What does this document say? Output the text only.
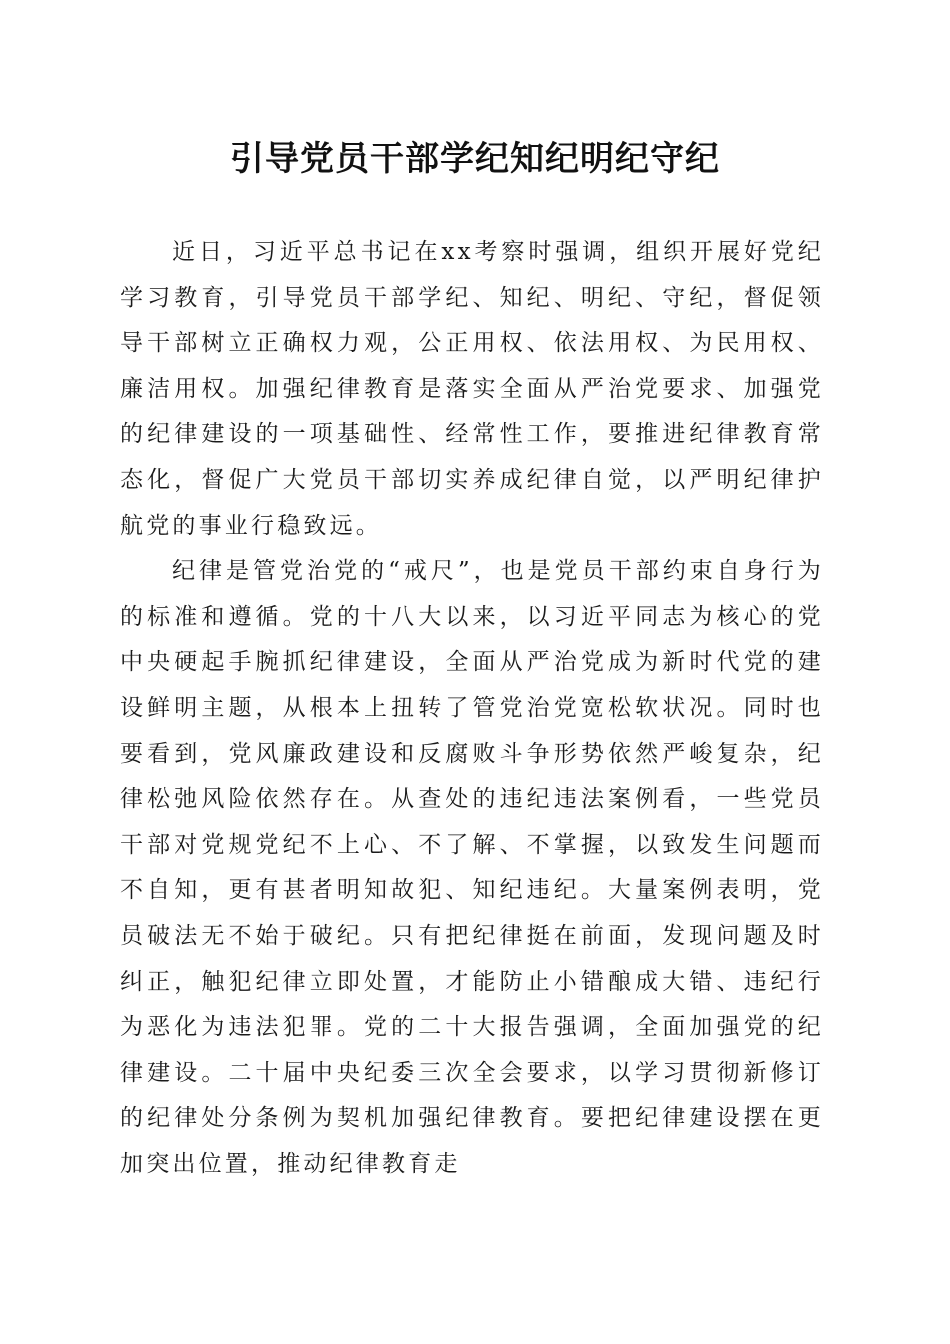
引导党员干部学纪知纪明纪守纪

近日，习近平总书记在xx考察时强调，组织开展好党纪学习教育，引导党员干部学纪、知纪、明纪、守纪，督促领导干部树立正确权力观，公正用权、依法用权、为民用权、廉洁用权。加强纪律教育是落实全面从严治党要求、加强党的纪律建设的一项基础性、经常性工作，要推进纪律教育常态化，督促广大党员干部切实养成纪律自觉，以严明纪律护航党的事业行稳致远。

纪律是管党治党的“戒尺”，也是党员干部约束自身行为的标准和遵循。党的十八大以来，以习近平同志为核心的党中央硬起手腕抓纪律建设，全面从严治党成为新时代党的建设鲜明主题，从根本上扭转了管党治党宽松软状况。同时也要看到，党风廉政建设和反腐败斗争形势依然严峻复杂，纪律松弛风险依然存在。从查处的违纪违法案例看，一些党员干部对党规党纪不上心、不了解、不掌握，以致发生问题而不自知，更有甚者明知故犯、知纪违纪。大量案例表明，党员破法无不始于破纪。只有把纪律挺在前面，发现问题及时纠正，触犯纪律立即处置，才能防止小错酿成大错、违纪行为恶化为违法犯罪。党的二十大报告强调，全面加强党的纪律建设。二十届中央纪委三次全会要求，以学习贯彻新修订的纪律处分条例为契机加强纪律教育。要把纪律建设摆在更加突出位置，推动纪律教育走
